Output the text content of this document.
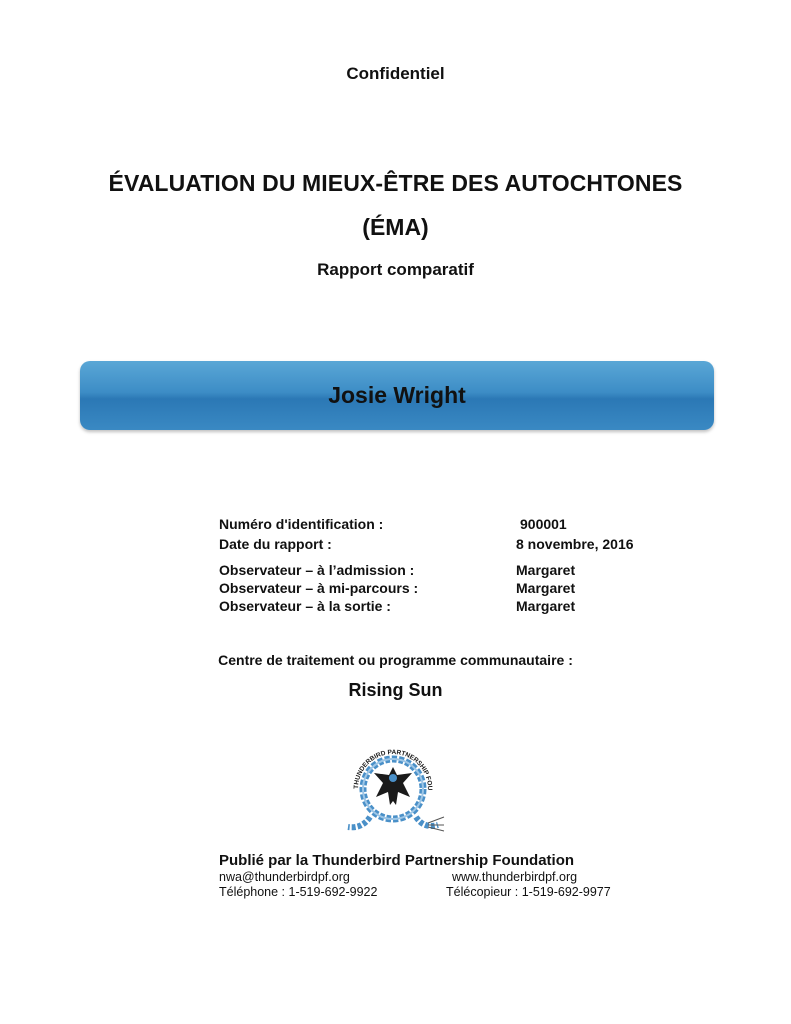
Confidentiel
ÉVALUATION DU MIEUX-ÊTRE DES AUTOCHTONES
(ÉMA)
Rapport comparatif
Josie Wright
Numéro d'identification :	900001
Date du rapport :	8 novembre, 2016
Observateur – à l’admission :	Margaret
Observateur – à mi-parcours :	Margaret
Observateur – à la sortie :	Margaret
Centre de traitement ou programme communautaire :
Rising Sun
THUNDERBIRD PARTNERSHIP FOU
Publié par la Thunderbird Partnership Foundation
nwa@thunderbirdpf.org	www.thunderbirdpf.org
Téléphone : 1-519-692-9922	Télécopieur : 1-519-692-9977
